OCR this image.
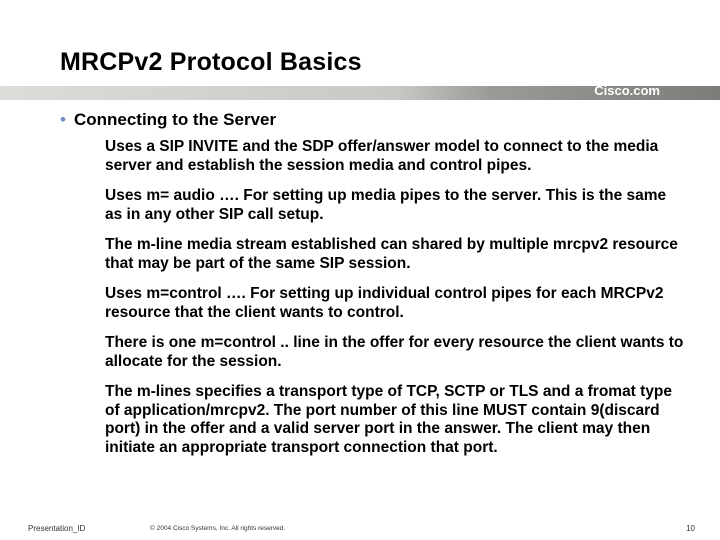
MRCPv2 Protocol Basics
Cisco.com
• Connecting to the Server
Uses a SIP INVITE and the SDP offer/answer model to connect to the media server and establish the session media and control pipes.
Uses m= audio …. For setting up media pipes to the server. This is the same as in any other SIP call setup.
The m-line media stream established can shared by multiple mrcpv2 resource that may be part of the same SIP session.
Uses m=control …. For setting up individual control pipes for each MRCPv2 resource that the client wants to control.
There is one m=control .. line in the offer for every resource the client wants to allocate for the session.
The m-lines specifies a transport type of TCP, SCTP or TLS and a fromat type of application/mrcpv2. The port number of this line MUST contain 9(discard port) in the offer and a valid server port in the answer. The client may then initiate an appropriate transport connection that port.
Presentation_ID	© 2004 Cisco Systems, Inc. All rights reserved.	10
